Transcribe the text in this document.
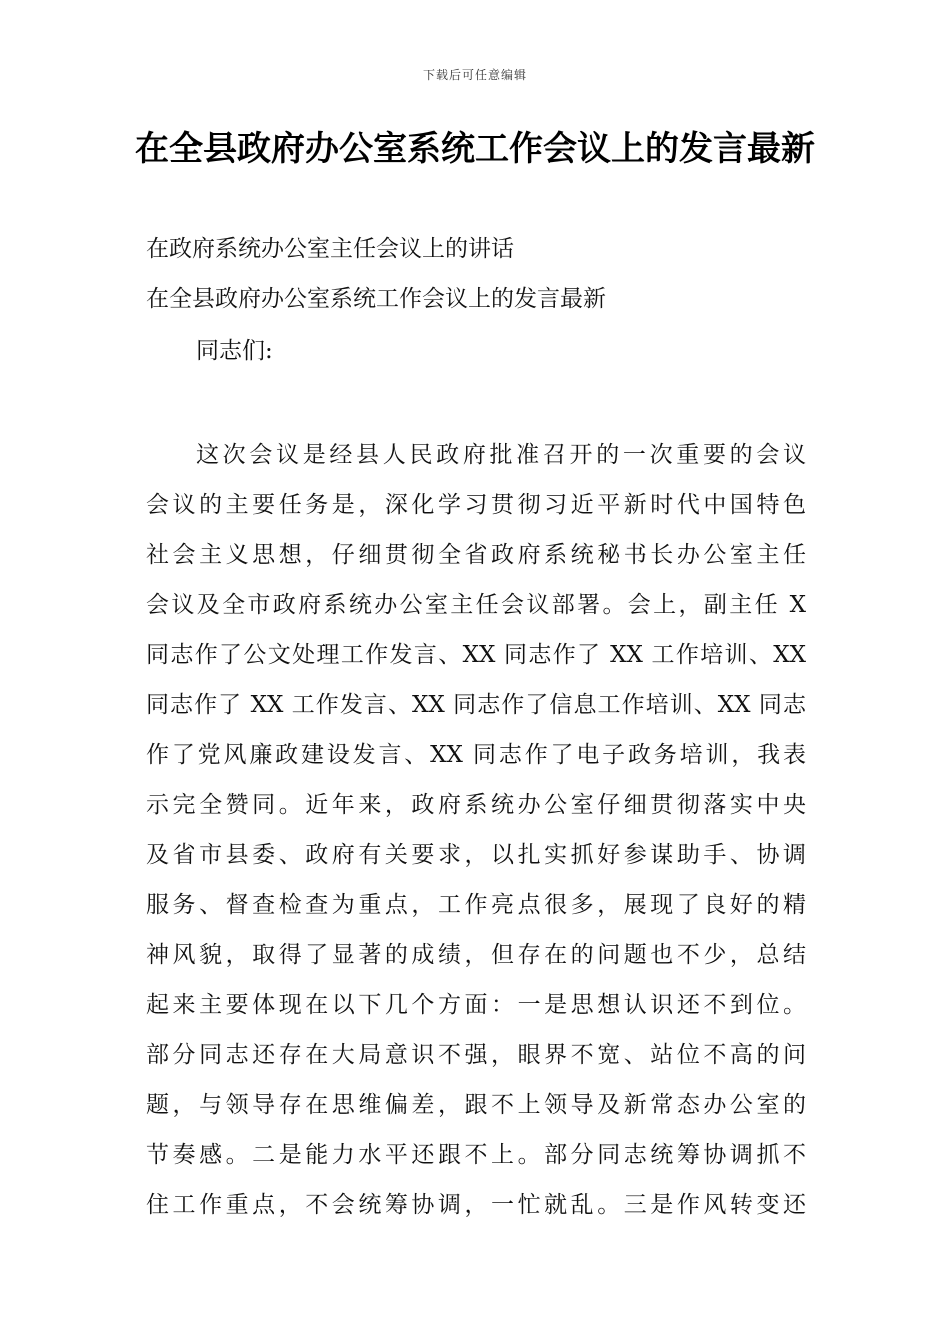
下载后可任意编辑
在全县政府办公室系统工作会议上的发言最新
在政府系统办公室主任会议上的讲话
在全县政府办公室系统工作会议上的发言最新
同志们:
这次会议是经县人民政府批准召开的一次重要的会议
会议的主要任务是，深化学习贯彻习近平新时代中国特色
社会主义思想，仔细贯彻全省政府系统秘书长办公室主任
会议及全市政府系统办公室主任会议部署。会上，副主任 X
同志作了公文处理工作发言、XX 同志作了 XX 工作培训、XX
同志作了 XX 工作发言、XX 同志作了信息工作培训、XX 同志
作了党风廉政建设发言、XX 同志作了电子政务培训，我表
示完全赞同。近年来，政府系统办公室仔细贯彻落实中央
及省市县委、政府有关要求，以扎实抓好参谋助手、协调
服务、督查检查为重点，工作亮点很多，展现了良好的精
神风貌，取得了显著的成绩，但存在的问题也不少，总结
起来主要体现在以下几个方面：一是思想认识还不到位。
部分同志还存在大局意识不强，眼界不宽、站位不高的问
题，与领导存在思维偏差，跟不上领导及新常态办公室的
节奏感。二是能力水平还跟不上。部分同志统筹协调抓不
住工作重点，不会统筹协调，一忙就乱。三是作风转变还
